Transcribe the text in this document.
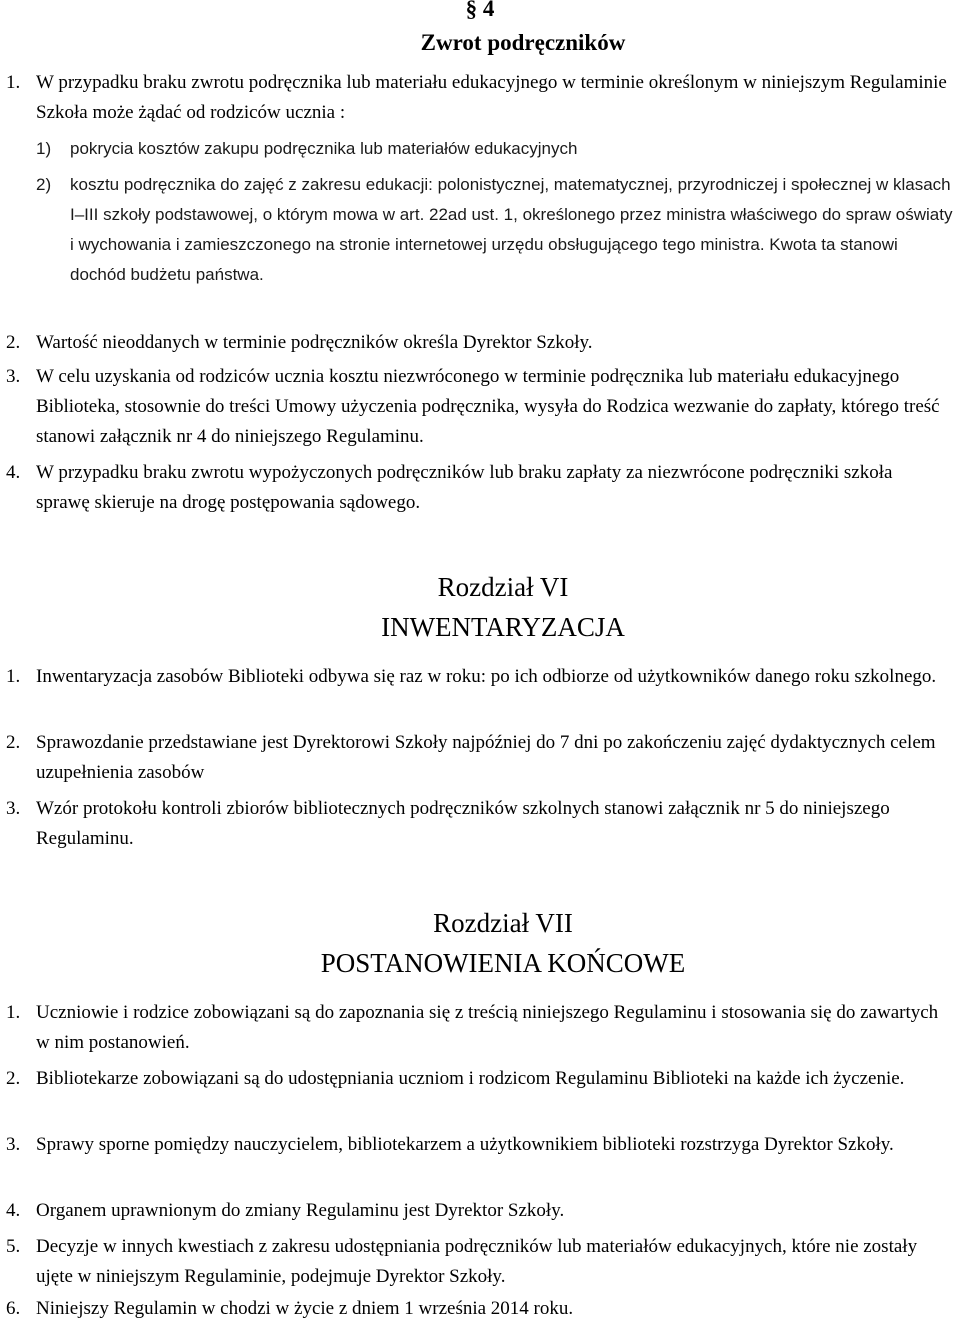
§ 4
Zwrot podręczników
1. W przypadku braku zwrotu podręcznika lub materiału edukacyjnego w terminie określonym w niniejszym Regulaminie Szkoła może żądać od rodziców ucznia :
1) pokrycia kosztów zakupu podręcznika lub materiałów edukacyjnych
2) kosztu podręcznika do zajęć z zakresu edukacji: polonistycznej, matematycznej, przyrodniczej i społecznej w klasach I–III szkoły podstawowej, o którym mowa w art. 22ad ust. 1, określonego przez ministra właściwego do spraw oświaty i wychowania i zamieszczonego na stronie internetowej urzędu obsługującego tego ministra. Kwota ta stanowi dochód budżetu państwa.
2. Wartość nieoddanych w terminie podręczników określa Dyrektor Szkoły.
3. W celu uzyskania od rodziców ucznia kosztu niezwróconego w terminie podręcznika lub materiału edukacyjnego Biblioteka, stosownie do treści Umowy użyczenia podręcznika, wysyła do Rodzica wezwanie do zapłaty, którego treść stanowi załącznik nr 4 do niniejszego Regulaminu.
4. W przypadku braku zwrotu wypożyczonych podręczników lub braku zapłaty za niezwrócone podręczniki szkoła sprawę skieruje na drogę postępowania sądowego.
Rozdział VI
INWENTARYZACJA
1. Inwentaryzacja zasobów Biblioteki odbywa się raz w roku: po ich odbiorze od użytkowników danego roku szkolnego.
2. Sprawozdanie przedstawiane jest Dyrektorowi Szkoły najpóźniej do 7 dni po zakończeniu zajęć dydaktycznych celem uzupełnienia zasobów
3. Wzór protokołu kontroli zbiorów bibliotecznych podręczników szkolnych stanowi załącznik nr 5 do niniejszego Regulaminu.
Rozdział VII
POSTANOWIENIA KOŃCOWE
1. Uczniowie i rodzice zobowiązani są do zapoznania się z treścią niniejszego Regulaminu i stosowania się do zawartych w nim postanowień.
2. Bibliotekarze zobowiązani są do udostępniania uczniom i rodzicom Regulaminu Biblioteki na każde ich życzenie.
3. Sprawy sporne pomiędzy nauczycielem, bibliotekarzem a użytkownikiem biblioteki rozstrzyga Dyrektor Szkoły.
4. Organem uprawnionym do zmiany Regulaminu jest Dyrektor Szkoły.
5. Decyzje w innych kwestiach z zakresu udostępniania podręczników lub materiałów edukacyjnych, które nie zostały ujęte w niniejszym Regulaminie, podejmuje Dyrektor Szkoły.
6. Niniejszy Regulamin w chodzi w życie z dniem 1 września 2014 roku.
